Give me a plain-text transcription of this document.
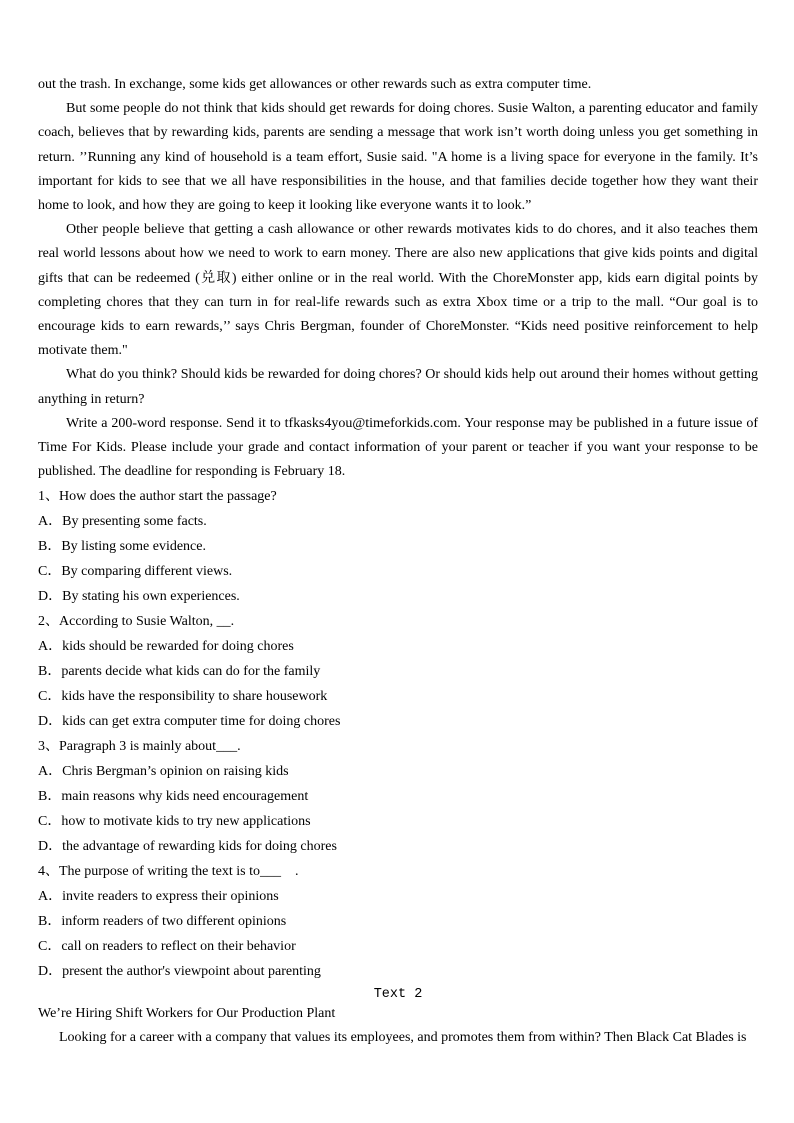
out the trash. In exchange, some kids get allowances or other rewards such as extra computer time.

But some people do not think that kids should get rewards for doing chores. Susie Walton, a parenting educator and family coach, believes that by rewarding kids, parents are sending a message that work isn’t worth doing unless you get something in return. ’’Running any kind of household is a team effort, Susie said. "A home is a living space for everyone in the family. It’s important for kids to see that we all have responsibilities in the house, and that families decide together how they want their home to look, and how they are going to keep it looking like everyone wants it to look.”

Other people believe that getting a cash allowance or other rewards motivates kids to do chores, and it also teaches them real world lessons about how we need to work to earn money. There are also new applications that give kids points and digital gifts that can be redeemed (兑取) either online or in the real world. With the ChoreMonster app, kids earn digital points by completing chores that they can turn in for real-life rewards such as extra Xbox time or a trip to the mall. “Our goal is to encourage kids to earn rewards,’’ says Chris Bergman, founder of ChoreMonster. “Kids need positive reinforcement to help motivate them."

What do you think? Should kids be rewarded for doing chores? Or should kids help out around their homes without getting anything in return?

Write a 200-word response. Send it to tfkasks4you@timeforkids.com. Your response may be published in a future issue of Time For Kids. Please include your grade and contact information of your parent or teacher if you want your response to be published. The deadline for responding is February 18.

1、How does the author start the passage?

A．By presenting some facts.

B．By listing some evidence.

C．By comparing different views.

D．By stating his own experiences.

2、According to Susie Walton, __.

A．kids should be rewarded for doing chores

B．parents decide what kids can do for the family

C．kids have the responsibility to share housework

D．kids can get extra computer time for doing chores

3、Paragraph 3 is mainly about___.

A．Chris Bergman’s opinion on raising kids

B．main reasons why kids need encouragement

C．how to motivate kids to try new applications

D．the advantage of rewarding kids for doing chores

4、The purpose of writing the text is to___    .

A．invite readers to express their opinions

B．inform readers of two different opinions

C．call on readers to reflect on their behavior

D．present the author's viewpoint about parenting

Text 2

We’re Hiring Shift Workers for Our Production Plant

Looking for a career with a company that values its employees, and promotes them from within? Then Black Cat Blades is
